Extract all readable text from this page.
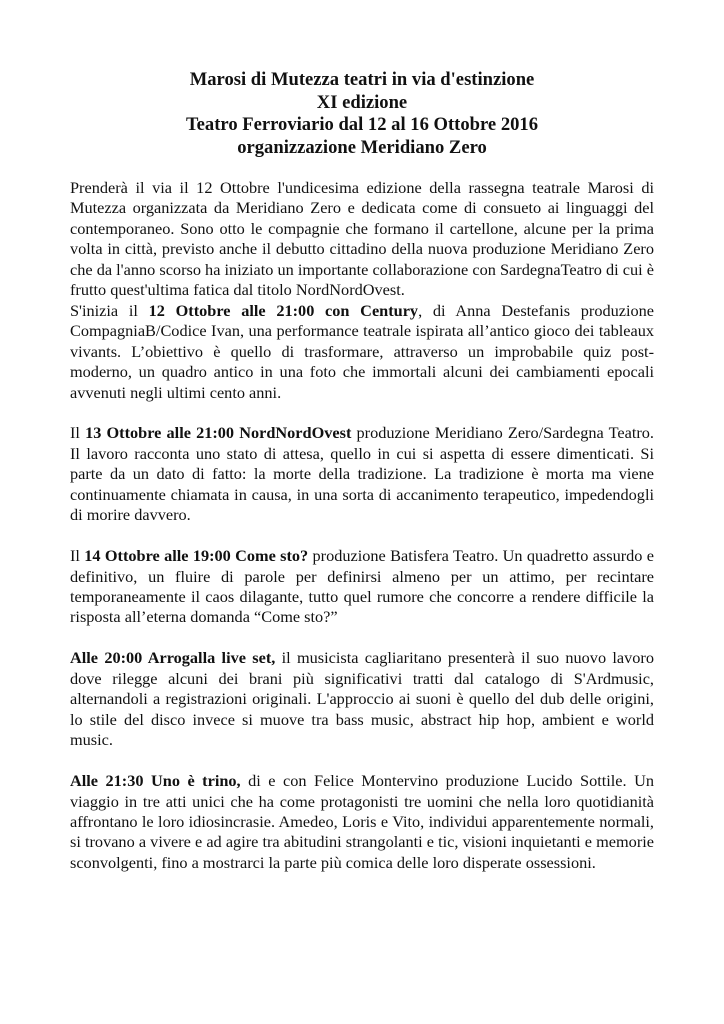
Marosi di Mutezza teatri in via d'estinzione
XI edizione
Teatro Ferroviario dal 12 al 16 Ottobre 2016
organizzazione Meridiano Zero

Prenderà il via il 12 Ottobre l'undicesima edizione della rassegna teatrale Marosi di Mutezza organizzata da Meridiano Zero e dedicata come di consueto ai linguaggi del contemporaneo. Sono otto le compagnie che formano il cartellone, alcune per la prima volta in città, previsto anche il debutto cittadino della nuova produzione Meridiano Zero che da l'anno scorso ha iniziato un importante collaborazione con SardegnaTeatro di cui è frutto quest'ultima fatica dal titolo NordNordOvest.

S'inizia il 12 Ottobre alle 21:00 con Century, di Anna Destefanis produzione CompagniaB/Codice Ivan, una performance teatrale ispirata all’antico gioco dei tableaux vivants. L’obiettivo è quello di trasformare, attraverso un improbabile quiz post-moderno, un quadro antico in una foto che immortali alcuni dei cambiamenti epocali avvenuti negli ultimi cento anni.

Il 13 Ottobre alle 21:00 NordNordOvest produzione Meridiano Zero/Sardegna Teatro. Il lavoro racconta uno stato di attesa, quello in cui si aspetta di essere dimenticati. Si parte da un dato di fatto: la morte della tradizione. La tradizione è morta ma viene continuamente chiamata in causa, in una sorta di accanimento terapeutico, impedendogli di morire davvero.

Il 14 Ottobre alle 19:00 Come sto? produzione Batisfera Teatro. Un quadretto assurdo e definitivo, un fluire di parole per definirsi almeno per un attimo, per recintare temporaneamente il caos dilagante, tutto quel rumore che concorre a rendere difficile la risposta all’eterna domanda “Come sto?”

Alle 20:00 Arrogalla live set, il musicista cagliaritano presenterà il suo nuovo lavoro dove rilegge alcuni dei brani più significativi tratti dal catalogo di S'Ardmusic, alternandoli a registrazioni originali. L'approccio ai suoni è quello del dub delle origini, lo stile del disco invece si muove tra bass music, abstract hip hop, ambient e world music.

Alle 21:30 Uno è trino, di e con Felice Montervino produzione Lucido Sottile. Un viaggio in tre atti unici che ha come protagonisti tre uomini che nella loro quotidianità affrontano le loro idiosincrasie. Amedeo, Loris e Vito, individui apparentemente normali, si trovano a vivere e ad agire tra abitudini strangolanti e tic, visioni inquietanti e memorie sconvolgenti, fino a mostrarci la parte più comica delle loro disperate ossessioni.
